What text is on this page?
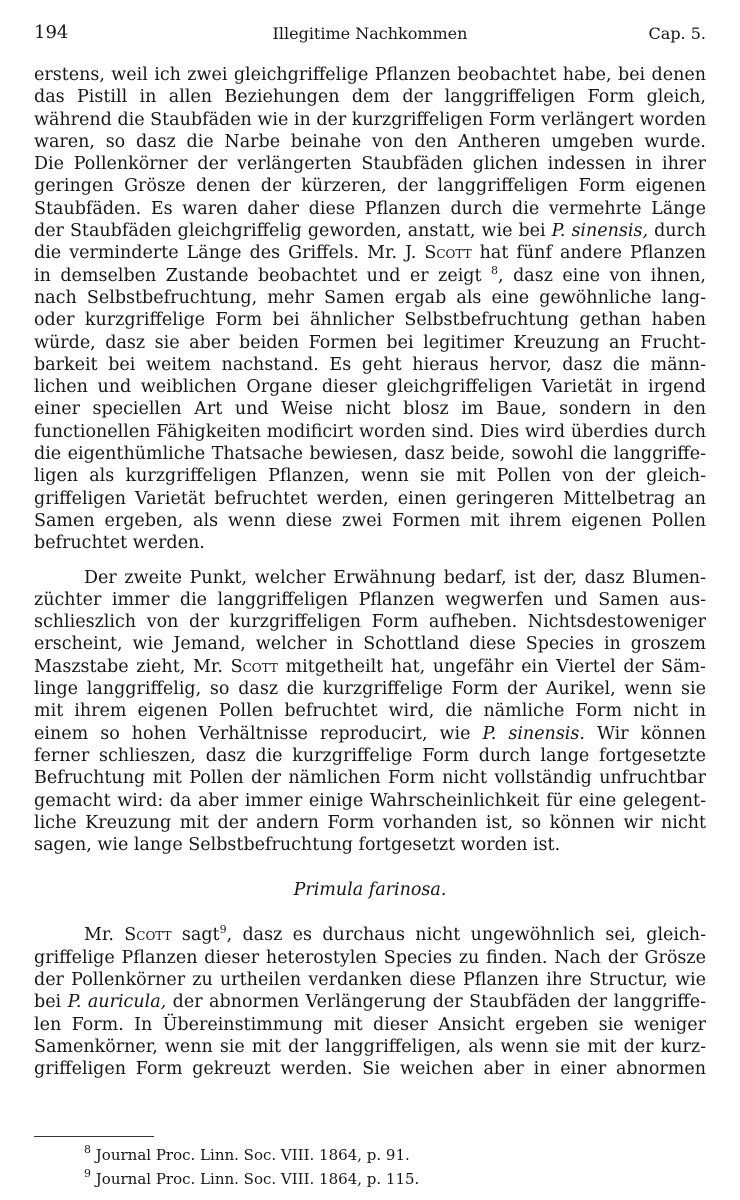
194	Illegitime Nachkommen	Cap. 5.
erstens, weil ich zwei gleichgriffelige Pflanzen beobachtet habe, bei denen
das Pistill in allen Beziehungen dem der langgriffeligen Form gleich,
während die Staubfäden wie in der kurzgriffeligen Form verlängert worden
waren, so dasz die Narbe beinahe von den Antheren umgeben wurde.
Die Pollenkörner der verlängerten Staubfäden glichen indessen in ihrer
geringen Grösze denen der kürzeren, der langgriffeligen Form eigenen
Staubfäden. Es waren daher diese Pflanzen durch die vermehrte Länge
der Staubfäden gleichgriffelig geworden, anstatt, wie bei P. sinensis, durch
die verminderte Länge des Griffels. Mr. J. Scott hat fünf andere Pflanzen
in demselben Zustande beobachtet und er zeigt $^8$, dasz eine von ihnen,
nach Selbstbefruchtung, mehr Samen ergab als eine gewöhnliche lang-
oder kurzgriffelige Form bei ähnlicher Selbstbefruchtung gethan haben
würde, dasz sie aber beiden Formen bei legitimer Kreuzung an Frucht-
barkeit bei weitem nachstand. Es geht hieraus hervor, dasz die männ-
lichen und weiblichen Organe dieser gleichgriffeligen Varietät in irgend
einer speciellen Art und Weise nicht blosz im Baue, sondern in den
functionellen Fähigkeiten modificirt worden sind. Dies wird überdies durch
die eigenthümliche Thatsache bewiesen, dasz beide, sowohl die langgriffe-
ligen als kurzgriffeligen Pflanzen, wenn sie mit Pollen von der gleich-
griffeligen Varietät befruchtet werden, einen geringeren Mittelbetrag an
Samen ergeben, als wenn diese zwei Formen mit ihrem eigenen Pollen
befruchtet werden.
Der zweite Punkt, welcher Erwähnung bedarf, ist der, dasz Blumen-
züchter immer die langgriffeligen Pflanzen wegwerfen und Samen aus-
schlieszlich von der kurzgriffeligen Form aufheben. Nichtsdestoweniger
erscheint, wie Jemand, welcher in Schottland diese Species in groszem
Maszstabe zieht, Mr. Scott mitgetheilt hat, ungefähr ein Viertel der Säm-
linge langgriffelig, so dasz die kurzgriffelige Form der Aurikel, wenn sie
mit ihrem eigenen Pollen befruchtet wird, die nämliche Form nicht in
einem so hohen Verhältnisse reproducirt, wie P. sinensis. Wir können
ferner schlieszen, dasz die kurzgriffelige Form durch lange fortgesetzte
Befruchtung mit Pollen der nämlichen Form nicht vollständig unfruchtbar
gemacht wird: da aber immer einige Wahrscheinlichkeit für eine gelegent-
liche Kreuzung mit der andern Form vorhanden ist, so können wir nicht
sagen, wie lange Selbstbefruchtung fortgesetzt worden ist.
Primula farinosa.
Mr. Scott sagt$^9$, dasz es durchaus nicht ungewöhnlich sei, gleich-
griffelige Pflanzen dieser heterostylen Species zu finden. Nach der Grösze
der Pollenkörner zu urtheilen verdanken diese Pflanzen ihre Structur, wie
bei P. auricula, der abnormen Verlängerung der Staubfäden der langgriffe-
len Form. In Übereinstimmung mit dieser Ansicht ergeben sie weniger
Samenkörner, wenn sie mit der langgriffeligen, als wenn sie mit der kurz-
griffeligen Form gekreuzt werden. Sie weichen aber in einer abnormen
$^8$ Journal Proc. Linn. Soc. VIII. 1864, p. 91.
$^9$ Journal Proc. Linn. Soc. VIII. 1864, p. 115.
